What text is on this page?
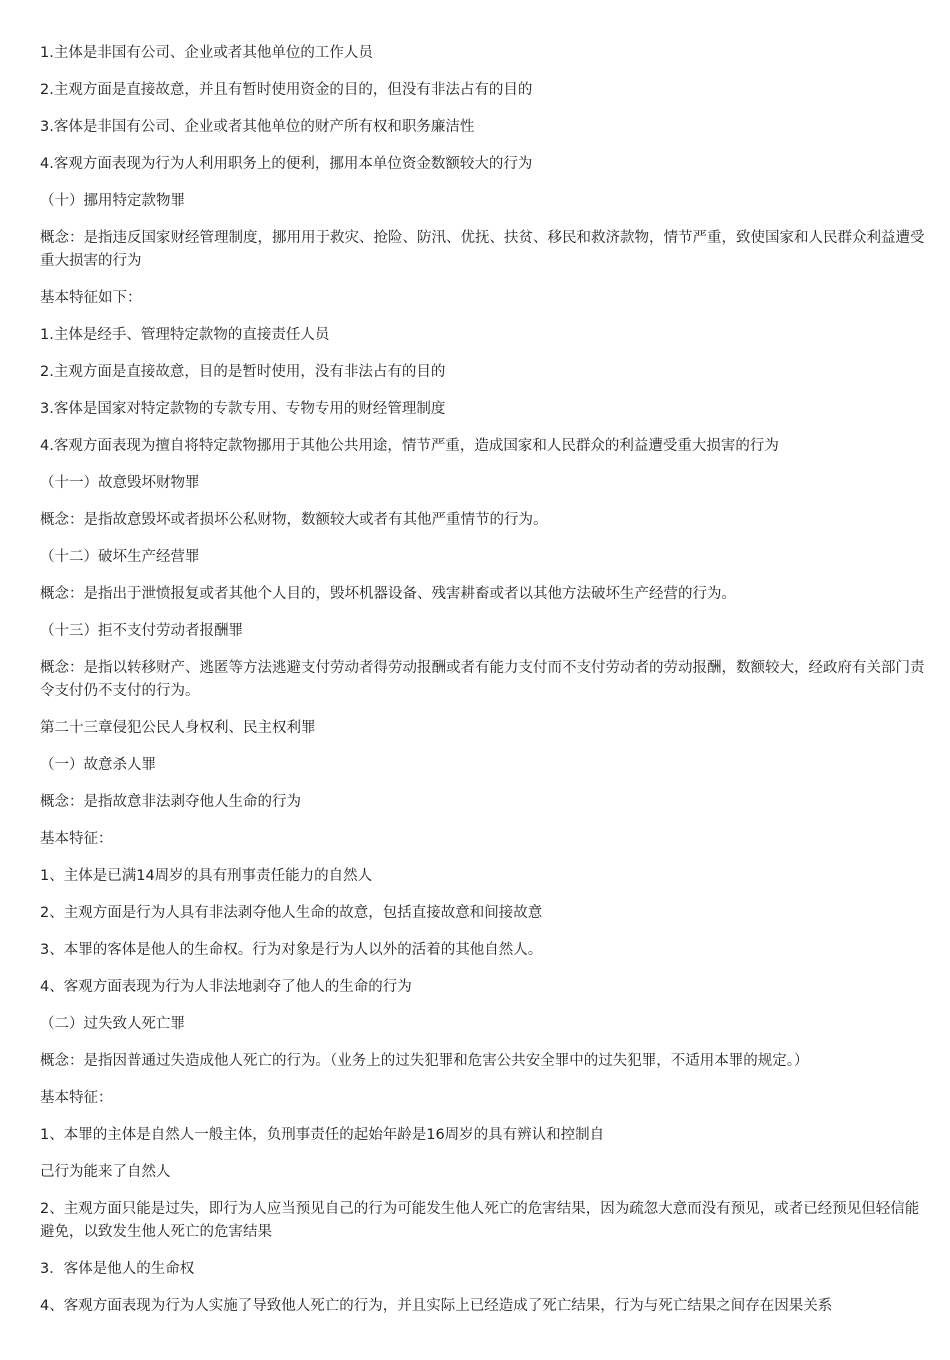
1.主体是非国有公司、企业或者其他单位的工作人员

2.主观方面是直接故意，并且有暂时使用资金的目的，但没有非法占有的目的

3.客体是非国有公司、企业或者其他单位的财产所有权和职务廉洁性

4.客观方面表现为行为人利用职务上的便利，挪用本单位资金数额较大的行为

（十）挪用特定款物罪

概念：是指违反国家财经管理制度，挪用用于救灾、抢险、防汛、优抚、扶贫、移民和救济款物，情节严重，致使国家和人民群众利益遭受重大损害的行为

基本特征如下：

1.主体是经手、管理特定款物的直接责任人员

2.主观方面是直接故意，目的是暂时使用，没有非法占有的目的

3.客体是国家对特定款物的专款专用、专物专用的财经管理制度

4.客观方面表现为擅自将特定款物挪用于其他公共用途，情节严重，造成国家和人民群众的利益遭受重大损害的行为

（十一）故意毁坏财物罪

概念：是指故意毁坏或者损坏公私财物，数额较大或者有其他严重情节的行为。

（十二）破坏生产经营罪

概念：是指出于泄愤报复或者其他个人目的，毁坏机器设备、残害耕畜或者以其他方法破坏生产经营的行为。

（十三）拒不支付劳动者报酬罪

概念：是指以转移财产、逃匿等方法逃避支付劳动者得劳动报酬或者有能力支付而不支付劳动者的劳动报酬，数额较大，经政府有关部门责令支付仍不支付的行为。

第二十三章侵犯公民人身权利、民主权利罪

（一）故意杀人罪

概念：是指故意非法剥夺他人生命的行为

基本特征：

1、主体是已满14周岁的具有刑事责任能力的自然人

2、主观方面是行为人具有非法剥夺他人生命的故意，包括直接故意和间接故意

3、本罪的客体是他人的生命权。行为对象是行为人以外的活着的其他自然人。

4、客观方面表现为行为人非法地剥夺了他人的生命的行为

（二）过失致人死亡罪

概念：是指因普通过失造成他人死亡的行为。（业务上的过失犯罪和危害公共安全罪中的过失犯罪，不适用本罪的规定。）

基本特征：

1、本罪的主体是自然人一般主体，负刑事责任的起始年龄是16周岁的具有辨认和控制自

己行为能来了自然人

2、主观方面只能是过失，即行为人应当预见自己的行为可能发生他人死亡的危害结果，因为疏忽大意而没有预见，或者已经预见但轻信能避免，以致发生他人死亡的危害结果

3．客体是他人的生命权

4、客观方面表现为行为人实施了导致他人死亡的行为，并且实际上已经造成了死亡结果，行为与死亡结果之间存在因果关系
